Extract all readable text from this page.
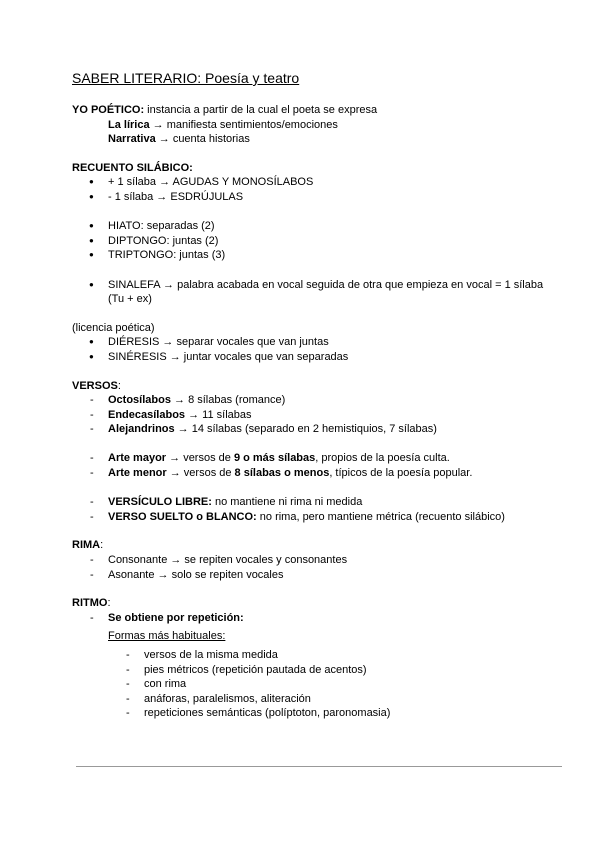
SABER LITERARIO: Poesía y teatro
YO POÉTICO: instancia a partir de la cual el poeta se expresa
La lírica → manifiesta sentimientos/emociones
Narrativa → cuenta historias
RECUENTO SILÁBICO:
● + 1 sílaba → AGUDAS Y MONOSÍLABOS
● - 1 sílaba → ESDRÚJULAS
● HIATO: separadas (2)
● DIPTONGO: juntas (2)
● TRIPTONGO: juntas (3)
● SINALEFA → palabra acabada en vocal seguida de otra que empieza en vocal = 1 sílaba
(Tu + ex)
(licencia poética)
● DIÉRESIS → separar vocales que van juntas
● SINÉRESIS → juntar vocales que van separadas
VERSOS:
- Octosílabos → 8 sílabas (romance)
- Endecasílabos → 11 sílabas
- Alejandrinos → 14 sílabas (separado en 2 hemistiquios, 7 sílabas)
- Arte mayor → versos de 9 o más sílabas, propios de la poesía culta.
- Arte menor → versos de 8 sílabas o menos, típicos de la poesía popular.
- VERSÍCULO LIBRE: no mantiene ni rima ni medida
- VERSO SUELTO o BLANCO: no rima, pero mantiene métrica (recuento silábico)
RIMA:
- Consonante → se repiten vocales y consonantes
- Asonante → solo se repiten vocales
RITMO:
- Se obtiene por repetición:
Formas más habituales:
- versos de la misma medida
- pies métricos (repetición pautada de acentos)
- con rima
- anáforas, paralelismos, aliteración
- repeticiones semánticas (políptoton, paronomasia)
